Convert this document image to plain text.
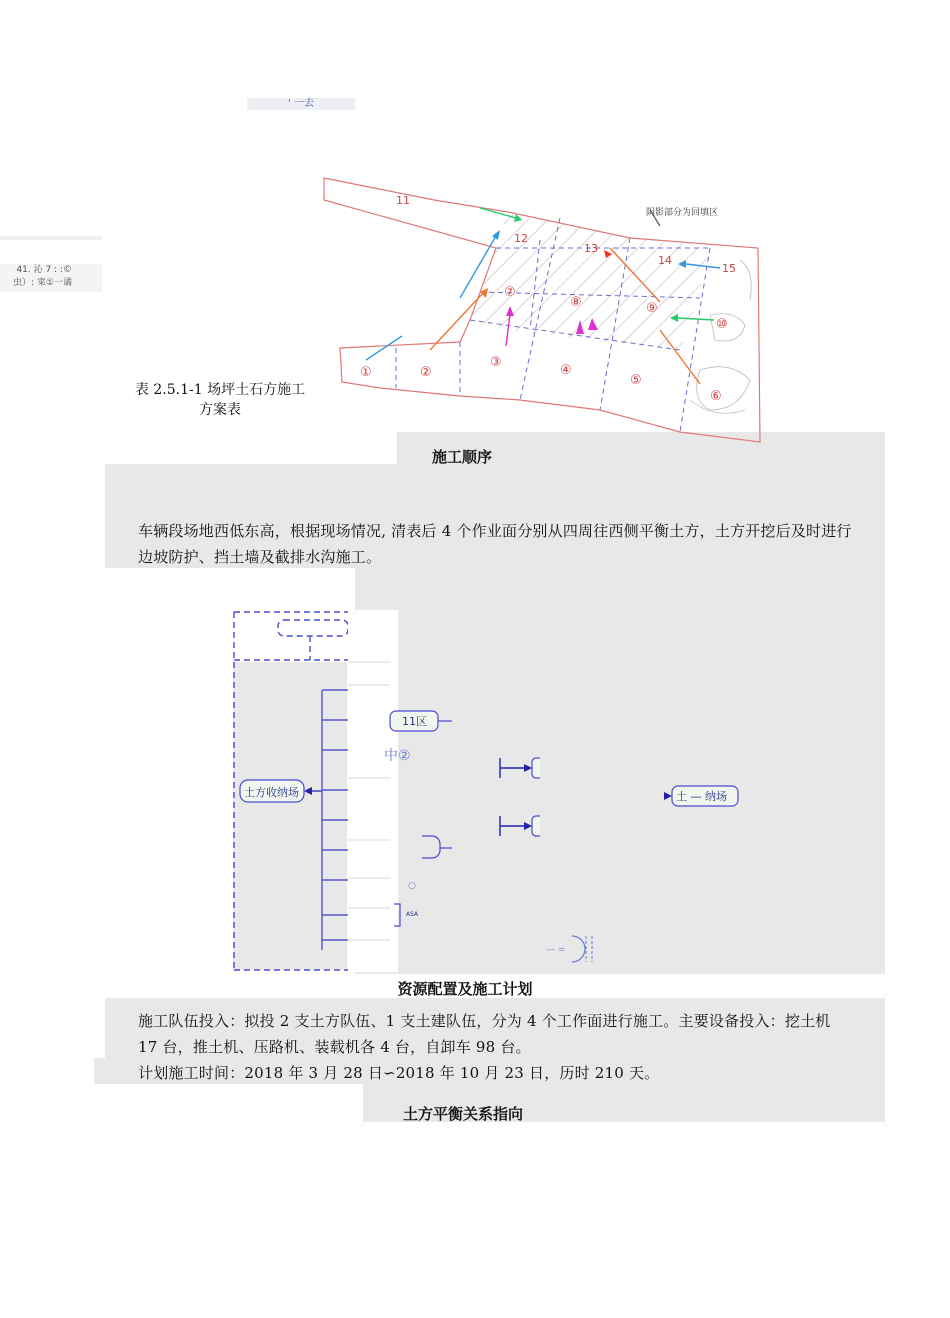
' 一去
41. 沁 7 : :©
虫）: 寀①一谲
阴影部分为回填区
11
12
13
14
15
①	②
③
④
⑤
⑥
⑦
⑧	⑨
⑩
表 2.5.1-1 场坪土石方施工方案表
施工顺序
车辆段场地西低东高，根据现场情况, 清表后 4 个作业面分别从四周往西侧平衡土方，土方开挖后及时进行边坡防护、挡土墙及截排水沟施工。
土方收纳场
11区
中②
○
ASA
土 — 纳场
— =
资源配置及施工计划
施工队伍投入：拟投 2 支土方队伍、1 支土建队伍，分为 4 个工作面进行施工。主要设备投入：挖土机 17 台，推土机、压路机、装载机各 4 台，自卸车 98 台。
计划施工时间：2018 年 3 月 28 日∽2018 年 10 月 23 日，历时 210 天。
土方平衡关系指向
